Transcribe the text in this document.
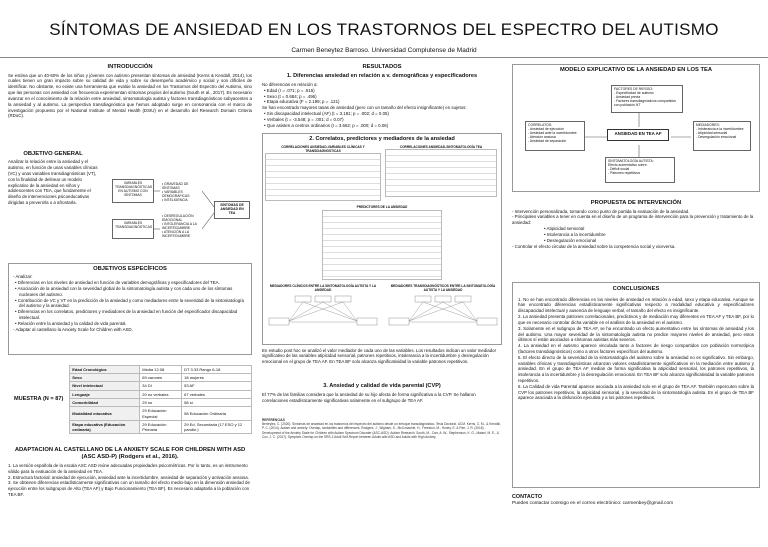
SÍNTOMAS DE ANSIEDAD EN LOS TRASTORNOS DEL ESPECTRO DEL AUTISMO
Carmen Beneytez Barroso. Universidad Complutense de Madrid
INTRODUCCIÓN
Se estima que un 40-50% de los niños y jóvenes con autismo presentan síntomas de ansiedad (Kerns & Kendall, 2014), los cuales tienen un gran impacto sobre su calidad de vida y sobre su desempeño académico y social y son difíciles de identificar. No obstante, no existe una herramienta que evalúe la ansiedad en los Trastornos del Espectro del Autismo, sino que las personas con ansiedad con frecuencia experimentan síntomas propios del autismo (South et al., 2017). Es necesario avanzar en el conocimiento de la relación entre ansiedad, sintomatología autista y factores transdiagnósticos subyacentes a la ansiedad y al autismo. La perspectiva transdiagnóstica que hemos adoptado surge en consonancia con el marco de investigación propuesto por el National Institute of Mental Health (DSIU) en el desarrollo del Research Domain Criteria (RDoC).
OBJETIVO GENERAL
Analizar la relación entre la ansiedad y el autismo, en función de unas variables clínicas (VC) y unas variables transdiagnósticas (VT), con la finalidad de delinear un modelo explicativo de la ansiedad en niños y adolescentes con TEA, que fundamente el diseño de intervenciones psicoeducativas dirigidas a prevenirla o a afrontarla.
VARIABLES TRANSDIAGNÓSTICAS EN AUTISMO CON SÍNTOMAS
• GRAVEDAD DE SÍNTOMAS
• VARIABLES DEMOGRÁFICAS
• INTELIGENCIA
VARIABLES TRANSDIAGNÓSTICAS
• DESREGULACIÓN EMOCIONAL
• INTOLERANCIA A LA INCERTIDUMBRE
• ATENCIÓN A LA INCERTIDUMBRE
SÍNTOMAS DE ANSIEDAD EN TEA
OBJETIVOS ESPECÍFICOS
- Analizar:
• Diferencias en los niveles de ansiedad en función de variables demográficas y especificadores del TEA.
• Asociación de la ansiedad con la severidad global de la sintomatología autista y con cada uno de los síntomas nucleares del autismo.
• Contribución de VC y VT en la predicción de la ansiedad y como mediadores entre la severidad de la sintomatología del autismo y la ansiedad.
• Diferencias en los correlatos, predictores y mediadores de la ansiedad en función del especificador discapacidad intelectual.
• Relación entre la ansiedad y la calidad de vida parental.
- Adaptar al castellano la Anxiety Scale for Children with ASD.
MUESTRA (N = 87)
Edad Cronológica	Media 12.08	DT 3.33 Rango 6-18
Sexo	69 varones	18 mujeres
Nivel intelectual	34 DI	53 AF
Lenguaje	20 no verbales	67 verbales
Comorbilidad	29 no	58 sí
Modalidad educativa	29 Educación Especial	58 Educación Ordinaria
Etapa educativa (Educación ordinaria)	29 Educación Primaria	29 Ed. Secundaria (17 ESO y 12 pandio.)
ADAPTACIÓN AL CASTELLANO DE LA ANXIETY SCALE FOR CHILDREN WITH ASD (ASC ASD-P) (Rodgers et al., 2016).
1. La versión española de la escala ASC ASD reúne adecuadas propiedades psicométricas. Por lo tanto, es un instrumento válido para la evaluación de la ansiedad en TEA.
2. Estructura factorial: ansiedad de ejecución, ansiedad ante la incertidumbre, ansiedad de separación y activación ansiosa.
3. Se obtienen diferencias estadísticamente significativas con un tamaño del efecto medio-bajo en la dimensión ansiedad de ejecución entre los subgrupos de Alto (TEA AF) y Bajo Funcionamiento (TEA BF). Es necesario adaptarla a la población con TEA BF.
RESULTADOS
1. Diferencias ansiedad en relación a v. demográficas y especificadores
No diferencias en relación a:
• Edad (r = .071; p = .515)
• Sexo (t = 0.684; p = .496)
• Etapa educativa (F = 2.199; p = .121)
Se han encontrado mayores tasas de ansiedad (pero con un tamaño del efecto insignificante) en sujetos:
• Sin discapacidad intelectual (AF) (t = 3.181; p = .002; d = 0.05)
• Verbales (t = -3.548; p = .001; d = 0.07)
• Que asisten a centros ordinarios (t = 3.662; p = .000; d = 0.06)
2. Correlatos, predictores y mediadores de la ansiedad
CORRELACIONES ANSIEDAD-VARIABLES CLÍNICAS Y TRANSDIAGNÓSTICAS
CORRELACIONES ANSIEDAD-SINTOMATOLOGÍA TEA
PREDICTORES DE LA ANSIEDAD
MEDIADORES CLÍNICOS ENTRE LA SINTOMATOLOGÍA AUTISTA Y LA ANSIEDAD
MEDIADORES TRANSDIAGNÓSTICOS ENTRE LA SINTOMATOLOGÍA AUTISTA Y LA ANSIEDAD
En estudio post hoc se analizó el valor mediador de cada uno de las variables. Los resultados indican un valor mediador significativo de las variables atipicidad sensorial, patrones repetitivos, intolerancia a la incertidumbre y desregulación emocional en el grupo de TEA AF. En TEA BF solo alcanza significatividad la variable patrones repetitivos.
3. Ansiedad y calidad de vida parental (CVP)
El 77% de las familias considera que la ansiedad de su hijo afecta de forma significativa a la CVP. Se hallaron correlaciones estadísticamente significativas solamente en el subgrupo de TEA AF.
REFERENCIAS
Beneytez, C. (2020). Síntomas de ansiedad en los trastornos del espectro del autismo desde un enfoque transdiagnóstico. Tesis Doctoral. UCM. Kerns, C. M., & Kendall, P. C. (2014). Autism and anxiety: Overlap, similarities and differences. Rodgers, J., Wigham, S., McConachie, H., Freeston, M., Honey, E. & Parr, J. R. (2016). Development of the Anxiety Scale for Children with Autism Spectrum Disorder (ASC-ASD). Autism Research. South, M., Carr, A. W., Stephenson, K. G., Maisel, M. E., & Cox, J. C. (2017). Symptom Overlap on the SRS-2 Adult Self-Report between Adults with ASD and Adults with High Anxiety.
MODELO EXPLICATIVO DE LA ANSIEDAD EN LOS TEA
FACTORES DE RIESGO:
- Especificidad de autismo
- Ansiedad previa
- Factores transdiagnósticos compartidos con población NT
CORRELATOS:
- Ansiedad de ejecución
- Ansiedad ante la incertidumbre
- Atención ansiosa
- Ansiedad de separación
ANSIEDAD EN TEA AF
MEDIADORES:
- Intolerancia a la incertidumbre
- Atipicidad sensorial
- Desregulación emocional
SINTOMATOLOGÍA AUTISTA:
Efecto aumentativo sobre:
- Déficit social
- Patrones repetitivos
PROPUESTA DE INTERVENCIÓN
- Intervención personalizada, tomando como punto de partida la evaluación de la ansiedad.
- Principales variables a tener en cuenta en el diseño de un programa de intervención para la prevención y tratamiento de la ansiedad:
• Atipicidad sensorial
• Intolerancia a la incertidumbre
• Desregulación emocional
- Controlar el efecto circular de la ansiedad sobre la competencia social y viceversa.
CONCLUSIONES
1. No se han encontrado diferencias en los niveles de ansiedad en relación a edad, sexo y etapa educativa. Aunque se han encontrado diferencias estadísticamente significativas respecto a modalidad educativa y especificadores discapacidad intelectual y ausencia de lenguaje verbal, el tamaño del efecto es insignificante.
2. La ansiedad presenta patrones correlacionales, predictivos y de mediación muy diferentes en TEA AF y TEA BF, por lo que es necesario controlar dicha variable en el análisis de la ansiedad en el autismo.
3. Solamente en el subgrupo de TEA AF, se ha encontrado un efecto aumentativo entre los síntomas de ansiedad y los del autismo. Una mayor severidad de la sintomatología autista no predice mayores niveles de ansiedad, pero estos últimos sí están asociados a síntomas autistas más severos.
4. La ansiedad en el autismo aparece vinculada tanto a factores de riesgo compartidos con población normotípica (factores transdiagnósticos) como a otros factores específicos del autismo.
5. El efecto directo de la severidad de la sintomatología del autismo sobre la ansiedad no es significativo. Sin embargo, variables clínicas y transdiagnósticas alcanzan valores estadísticamente significativos en la mediación entre autismo y ansiedad. En el grupo de TEA AF median de forma significativa la atipicidad sensorial, los patrones repetitivos, la intolerancia a la incertidumbre y la desregulación emocional. En TEA BF solo alcanza significatividad la variable patrones repetitivos.
6. La Calidad de vida Parental aparece asociada a la ansiedad solo en el grupo de TEA AF. También repercuten sobre la CVP los patrones repetitivos, la atipicidad sensorial, y la severidad de la sintomatología autista. En el grupo de TEA BF aparece asociada a la disfunción ejecutiva y a los patrones repetitivos.
CONTACTO
Puedes contactar conmigo en el correo electrónico: carmenbey@gmail.com
